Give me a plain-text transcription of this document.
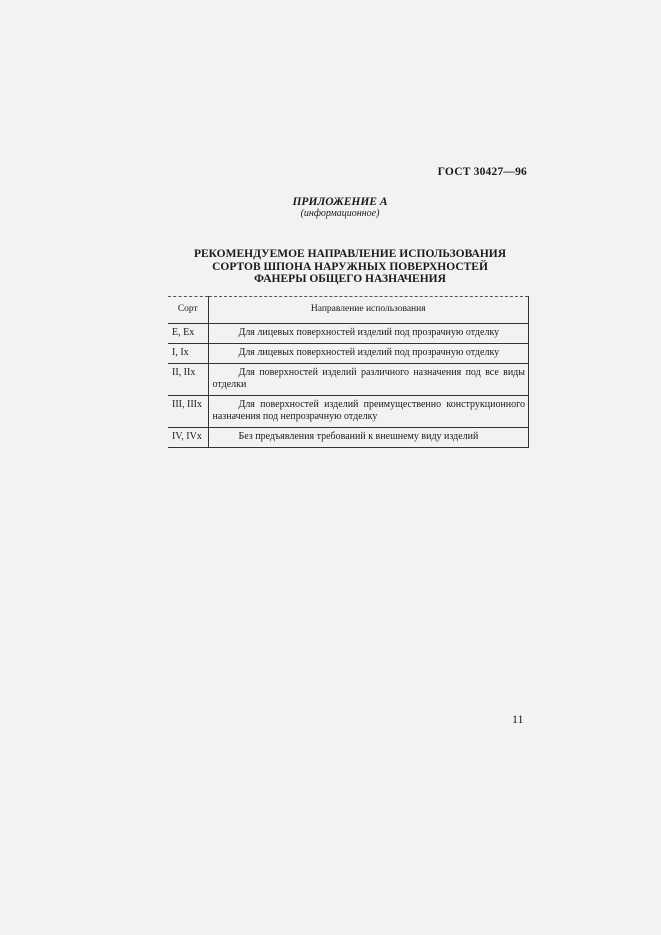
ГОСТ 30427—96
ПРИЛОЖЕНИЕ А
(информационное)
РЕКОМЕНДУЕМОЕ НАПРАВЛЕНИЕ ИСПОЛЬЗОВАНИЯ
СОРТОВ ШПОНА НАРУЖНЫХ ПОВЕРХНОСТЕЙ
ФАНЕРЫ ОБЩЕГО НАЗНАЧЕНИЯ
Сорт	Направление использования
E, Ex	Для лицевых поверхностей изделий под прозрачную отделку
I, Ix	Для лицевых поверхностей изделий под прозрачную отделку
II, IIx	Для поверхностей изделий различного назначения под все виды отделки
III, IIIx	Для поверхностей изделий преимущественно конструкционного назначения под непрозрачную отделку
IV, IVx	Без предъявления требований к внешнему виду изделий
11
